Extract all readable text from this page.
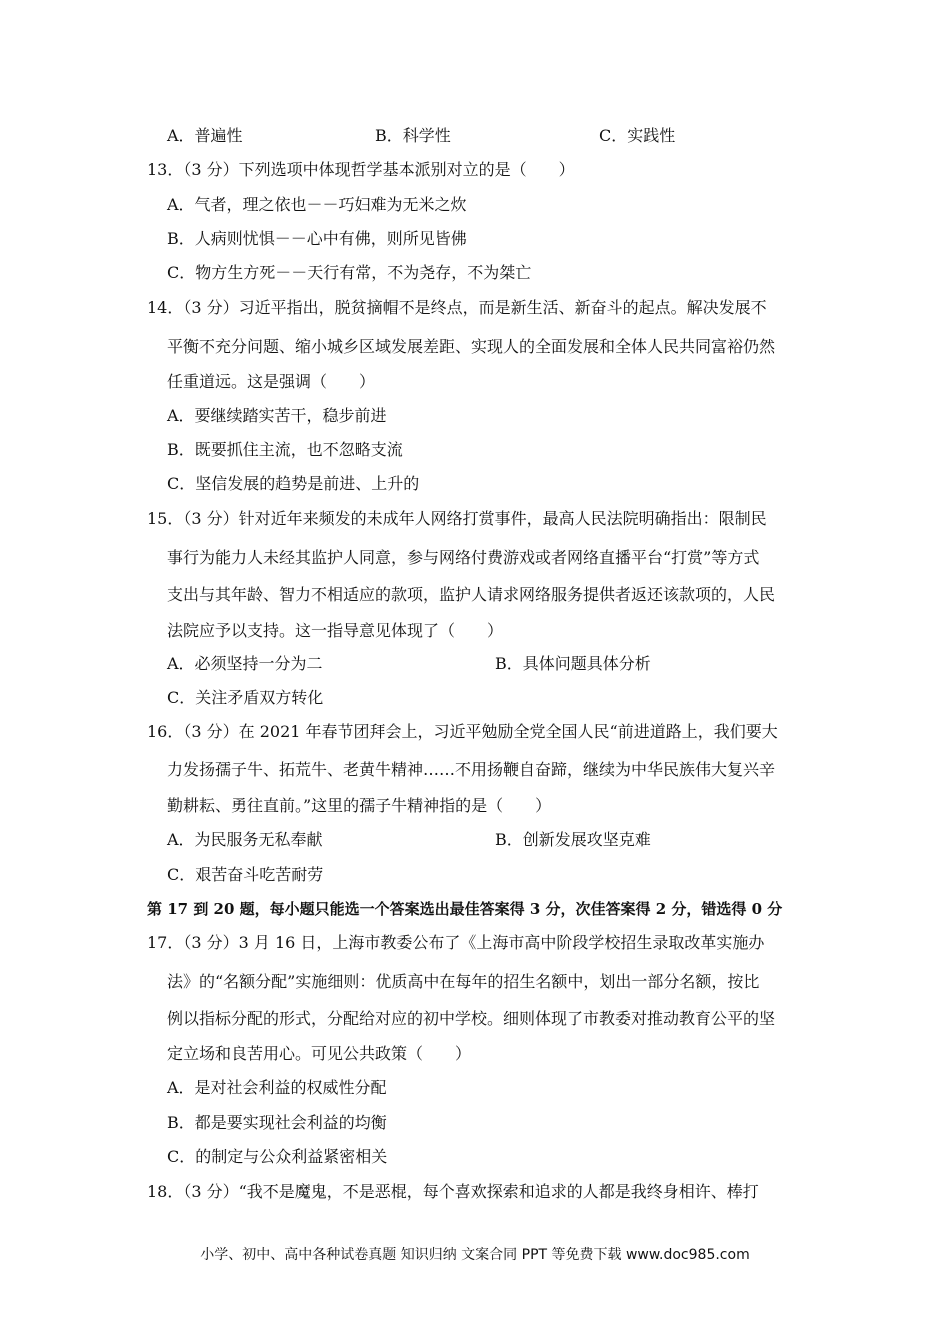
A．普遍性	B．科学性	C．实践性
13．（3 分）下列选项中体现哲学基本派别对立的是（　　）
A．气者，理之依也－－巧妇难为无米之炊
B．人病则忧惧－－心中有佛，则所见皆佛
C．物方生方死－－天行有常，不为尧存，不为桀亡
14．（3 分）习近平指出，脱贫摘帽不是终点，而是新生活、新奋斗的起点。解决发展不
平衡不充分问题、缩小城乡区域发展差距、实现人的全面发展和全体人民共同富裕仍然
任重道远。这是强调（　　）
A．要继续踏实苦干，稳步前进
B．既要抓住主流，也不忽略支流
C．坚信发展的趋势是前进、上升的
15．（3 分）针对近年来频发的未成年人网络打赏事件，最高人民法院明确指出：限制民
事行为能力人未经其监护人同意，参与网络付费游戏或者网络直播平台“打赏”等方式
支出与其年龄、智力不相适应的款项，监护人请求网络服务提供者返还该款项的，人民
法院应予以支持。这一指导意见体现了（　　）
A．必须坚持一分为二	B．具体问题具体分析
C．关注矛盾双方转化
16．（3 分）在 2021 年春节团拜会上，习近平勉励全党全国人民“前进道路上，我们要大
力发扬孺子牛、拓荒牛、老黄牛精神……不用扬鞭自奋蹄，继续为中华民族伟大复兴辛
勤耕耘、勇往直前。”这里的孺子牛精神指的是（　　）
A．为民服务无私奉献	B．创新发展攻坚克难
C．艰苦奋斗吃苦耐劳
第 17 到 20 题，每小题只能选一个答案选出最佳答案得 3 分，次佳答案得 2 分，错选得 0 分
17．（3 分）3 月 16 日，上海市教委公布了《上海市高中阶段学校招生录取改革实施办
法》的“名额分配”实施细则：优质高中在每年的招生名额中，划出一部分名额，按比
例以指标分配的形式，分配给对应的初中学校。细则体现了市教委对推动教育公平的坚
定立场和良苦用心。可见公共政策（　　）
A．是对社会利益的权威性分配
B．都是要实现社会利益的均衡
C．的制定与公众利益紧密相关
18．（3 分）“我不是魔鬼，不是恶棍，每个喜欢探索和追求的人都是我终身相许、棒打
小学、初中、高中各种试卷真题 知识归纳 文案合同 PPT 等免费下载 www.doc985.com
